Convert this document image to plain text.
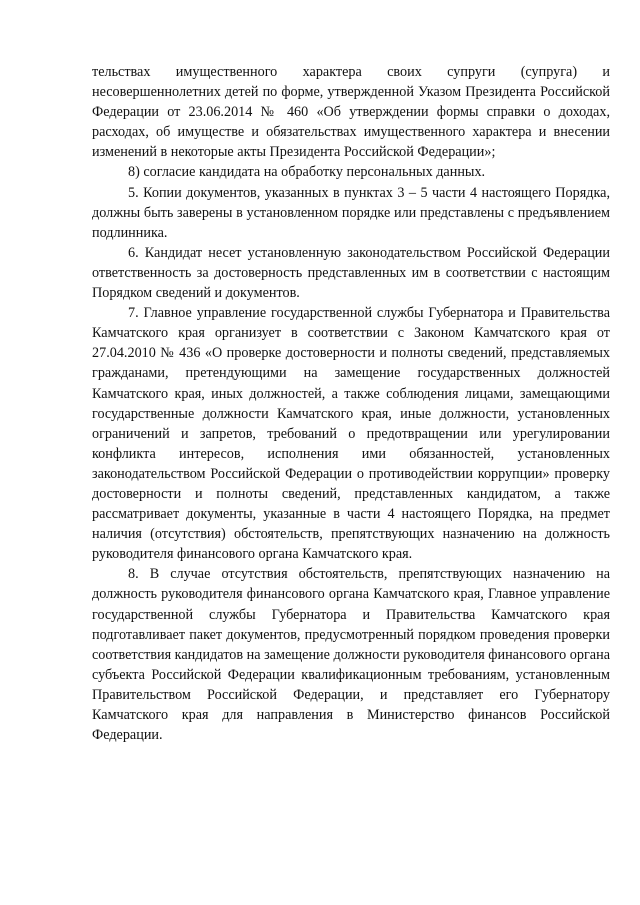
тельствах имущественного характера своих супруги (супруга) и несовершеннолетних детей по форме, утвержденной Указом Президента Российской Федерации от 23.06.2014 № 460 «Об утверждении формы справки о доходах, расходах, об имуществе и обязательствах имущественного характера и внесении изменений в некоторые акты Президента Российской Федерации»;

8) согласие кандидата на обработку персональных данных.

5. Копии документов, указанных в пунктах 3 – 5 части 4 настоящего Порядка, должны быть заверены в установленном порядке или представлены с предъявлением подлинника.

6. Кандидат несет установленную законодательством Российской Федерации ответственность за достоверность представленных им в соответствии с настоящим Порядком сведений и документов.

7. Главное управление государственной службы Губернатора и Правительства Камчатского края организует в соответствии с Законом Камчатского края от 27.04.2010 № 436 «О проверке достоверности и полноты сведений, представляемых гражданами, претендующими на замещение государственных должностей Камчатского края, иных должностей, а также соблюдения лицами, замещающими государственные должности Камчатского края, иные должности, установленных ограничений и запретов, требований о предотвращении или урегулировании конфликта интересов, исполнения ими обязанностей, установленных законодательством Российской Федерации о противодействии коррупции» проверку достоверности и полноты сведений, представленных кандидатом, а также рассматривает документы, указанные в части 4 настоящего Порядка, на предмет наличия (отсутствия) обстоятельств, препятствующих назначению на должность руководителя финансового органа Камчатского края.

8. В случае отсутствия обстоятельств, препятствующих назначению на должность руководителя финансового органа Камчатского края, Главное управление государственной службы Губернатора и Правительства Камчатского края подготавливает пакет документов, предусмотренный порядком проведения проверки соответствия кандидатов на замещение должности руководителя финансового органа субъекта Российской Федерации квалификационным требованиям, установленным Правительством Российской Федерации, и представляет его Губернатору Камчатского края для направления в Министерство финансов Российской Федерации.
